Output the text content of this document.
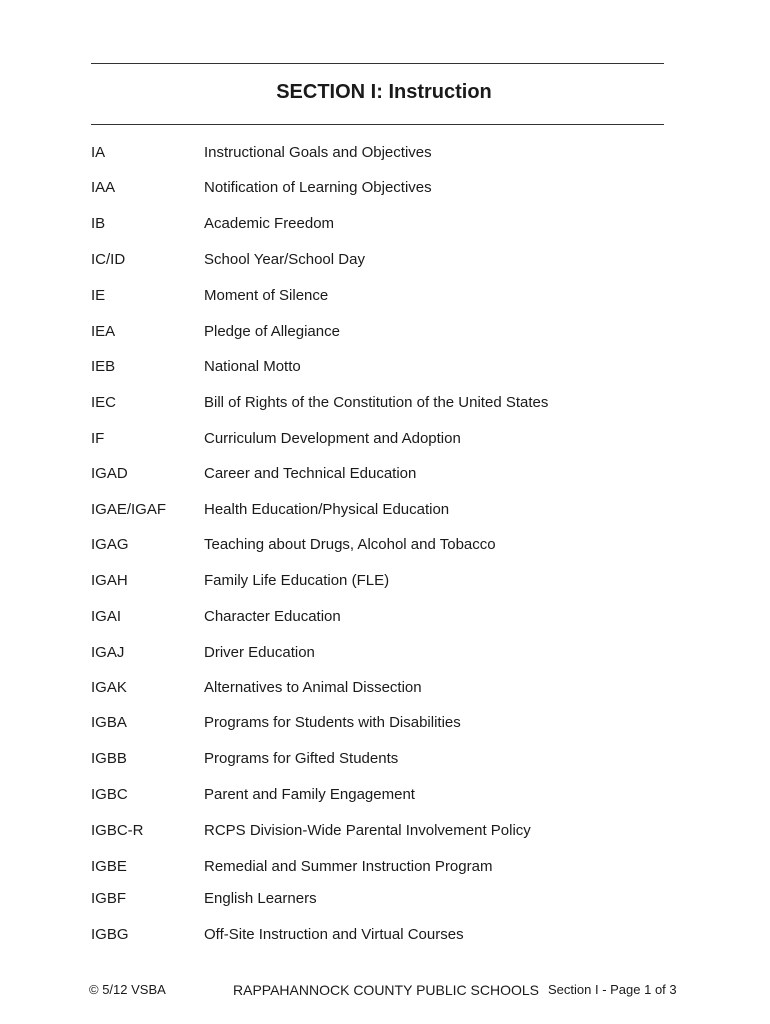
SECTION I: Instruction
IA	Instructional Goals and Objectives
IAA	Notification of Learning Objectives
IB	Academic Freedom
IC/ID	School Year/School Day
IE	Moment of Silence
IEA	Pledge of Allegiance
IEB	National Motto
IEC	Bill of Rights of the Constitution of the United States
IF	Curriculum Development and Adoption
IGAD	Career and Technical Education
IGAE/IGAF	Health Education/Physical Education
IGAG	Teaching about Drugs, Alcohol and Tobacco
IGAH	Family Life Education (FLE)
IGAI	Character Education
IGAJ	Driver Education
IGAK	Alternatives to Animal Dissection
IGBA	Programs for Students with Disabilities
IGBB	Programs for Gifted Students
IGBC	Parent and Family Engagement
IGBC-R	RCPS Division-Wide Parental Involvement Policy
IGBE	Remedial and Summer Instruction Program
IGBF	English Learners
IGBG	Off-Site Instruction and Virtual Courses
© 5/12 VSBA	RAPPAHANNOCK COUNTY PUBLIC SCHOOLS Section I - Page 1 of 3
